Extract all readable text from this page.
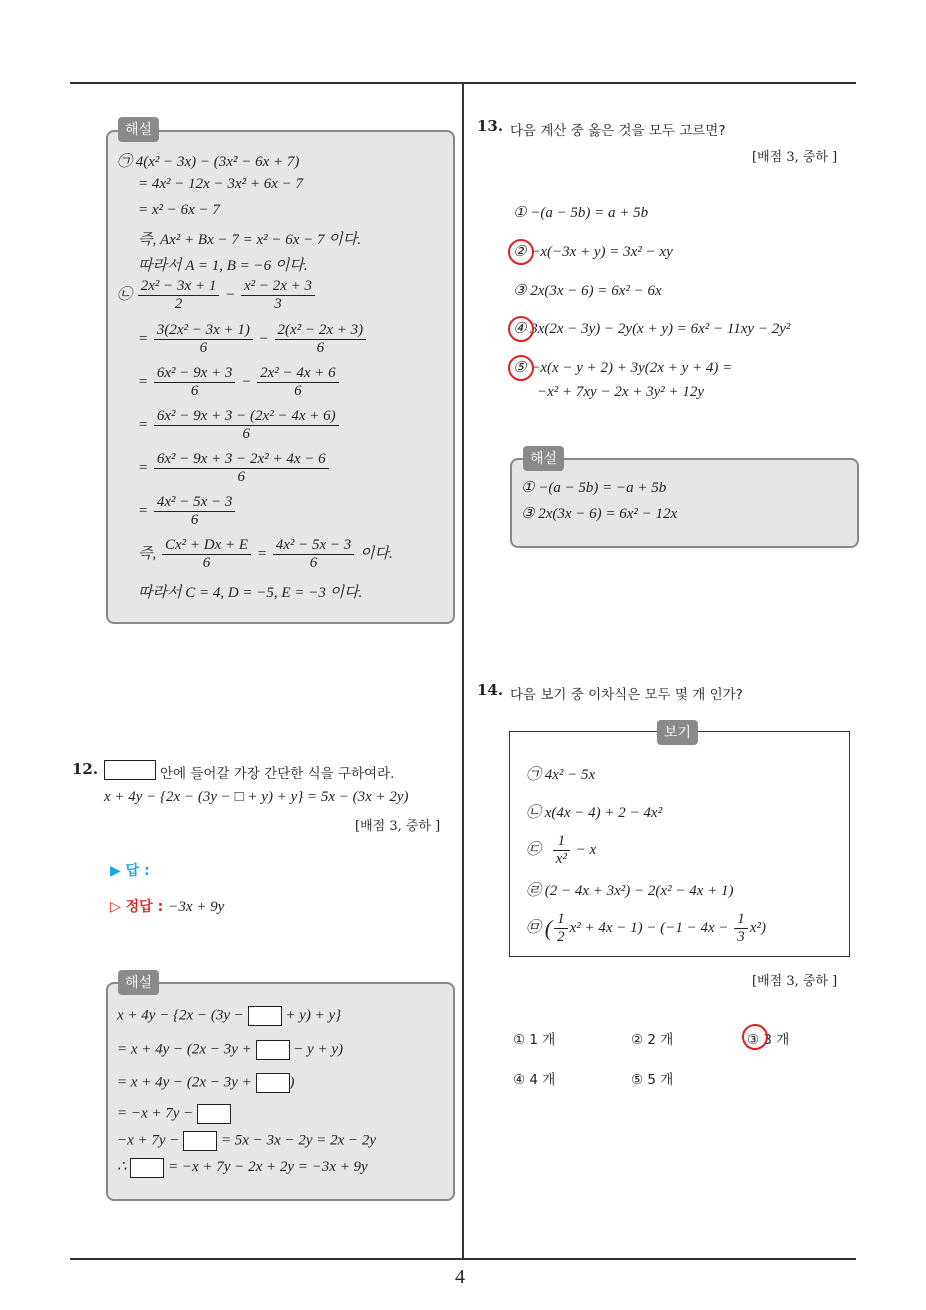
해설
㉠ 4(x² − 3x) − (3x² − 6x + 7)
= 4x² − 12x − 3x² + 6x − 7
= x² − 6x − 7
즉, Ax² + Bx − 7 = x² − 6x − 7 이다.
따라서 A = 1, B = −6 이다.
㉡ $\frac{\text{2x² − 3x + 1}}{2} - \frac{\text{x² − 2x + 3}}{3}$
= $\frac{\text{3(2x² − 3x + 1)}}{6} - \frac{\text{2(x² − 2x + 3)}}{6}$
= $\frac{\text{6x² − 9x + 3}}{6} - \frac{\text{2x² − 4x + 6}}{6}$
= $\frac{\text{6x² − 9x + 3 − (2x² − 4x + 6)}}{6}$
= $\frac{\text{6x² − 9x + 3 − 2x² + 4x − 6}}{6}$
= $\frac{\text{4x² − 5x − 3}}{6}$
즉, $\frac{\text{Cx² + Dx + E}}{6} = \frac{\text{4x² − 5x − 3}}{6}$ 이다.
따라서 C = 4, D = −5, E = −3 이다.
12.	안에 들어갈 가장 간단한 식을 구하여라.
x + 4y − {2x − (3y − □ + y) + y} = 5x − (3x + 2y)
[배점 3, 중하 ]
▶ 답 :
▷ 정답 : −3x + 9y
해설
x + 4y − {2x − (3y −	+ y) + y}
= x + 4y − (2x − 3y +	− y + y)
= x + 4y − (2x − 3y +	)
= −x + 7y −
−x + 7y −	= 5x − 3x − 2y = 2x − 2y
∴	= −x + 7y − 2x + 2y = −3x + 9y
13. 다음 계산 중 옳은 것을 모두 고르면?
[배점 3, 중하 ]
① −(a − 5b) = a + 5b
② −x(−3x + y) = 3x² − xy
③ 2x(3x − 6) = 6x² − 6x
④ 3x(2x − 3y) − 2y(x + y) = 6x² − 11xy − 2y²
⑤ −x(x − y + 2) + 3y(2x + y + 4) =
−x² + 7xy − 2x + 3y² + 12y
해설
① −(a − 5b) = −a + 5b
③ 2x(3x − 6) = 6x² − 12x
14. 다음 보기 중 이차식은 모두 몇 개 인가?
보기
㉠ 4x² − 5x
㉡ x(4x − 4) + 2 − 4x²
㉢ $\frac{1}{\text{x²}} - x$
㉣ (2 − 4x + 3x²) − 2(x² − 4x + 1)
㉤ ( $\frac{1}{2} x^2 + 4x - 1) - (-1 - 4x - \frac{1}{3} x^2)$
[배점 3, 중하 ]
① 1 개	② 2 개	③ 3 개
④ 4 개	⑤ 5 개
4
